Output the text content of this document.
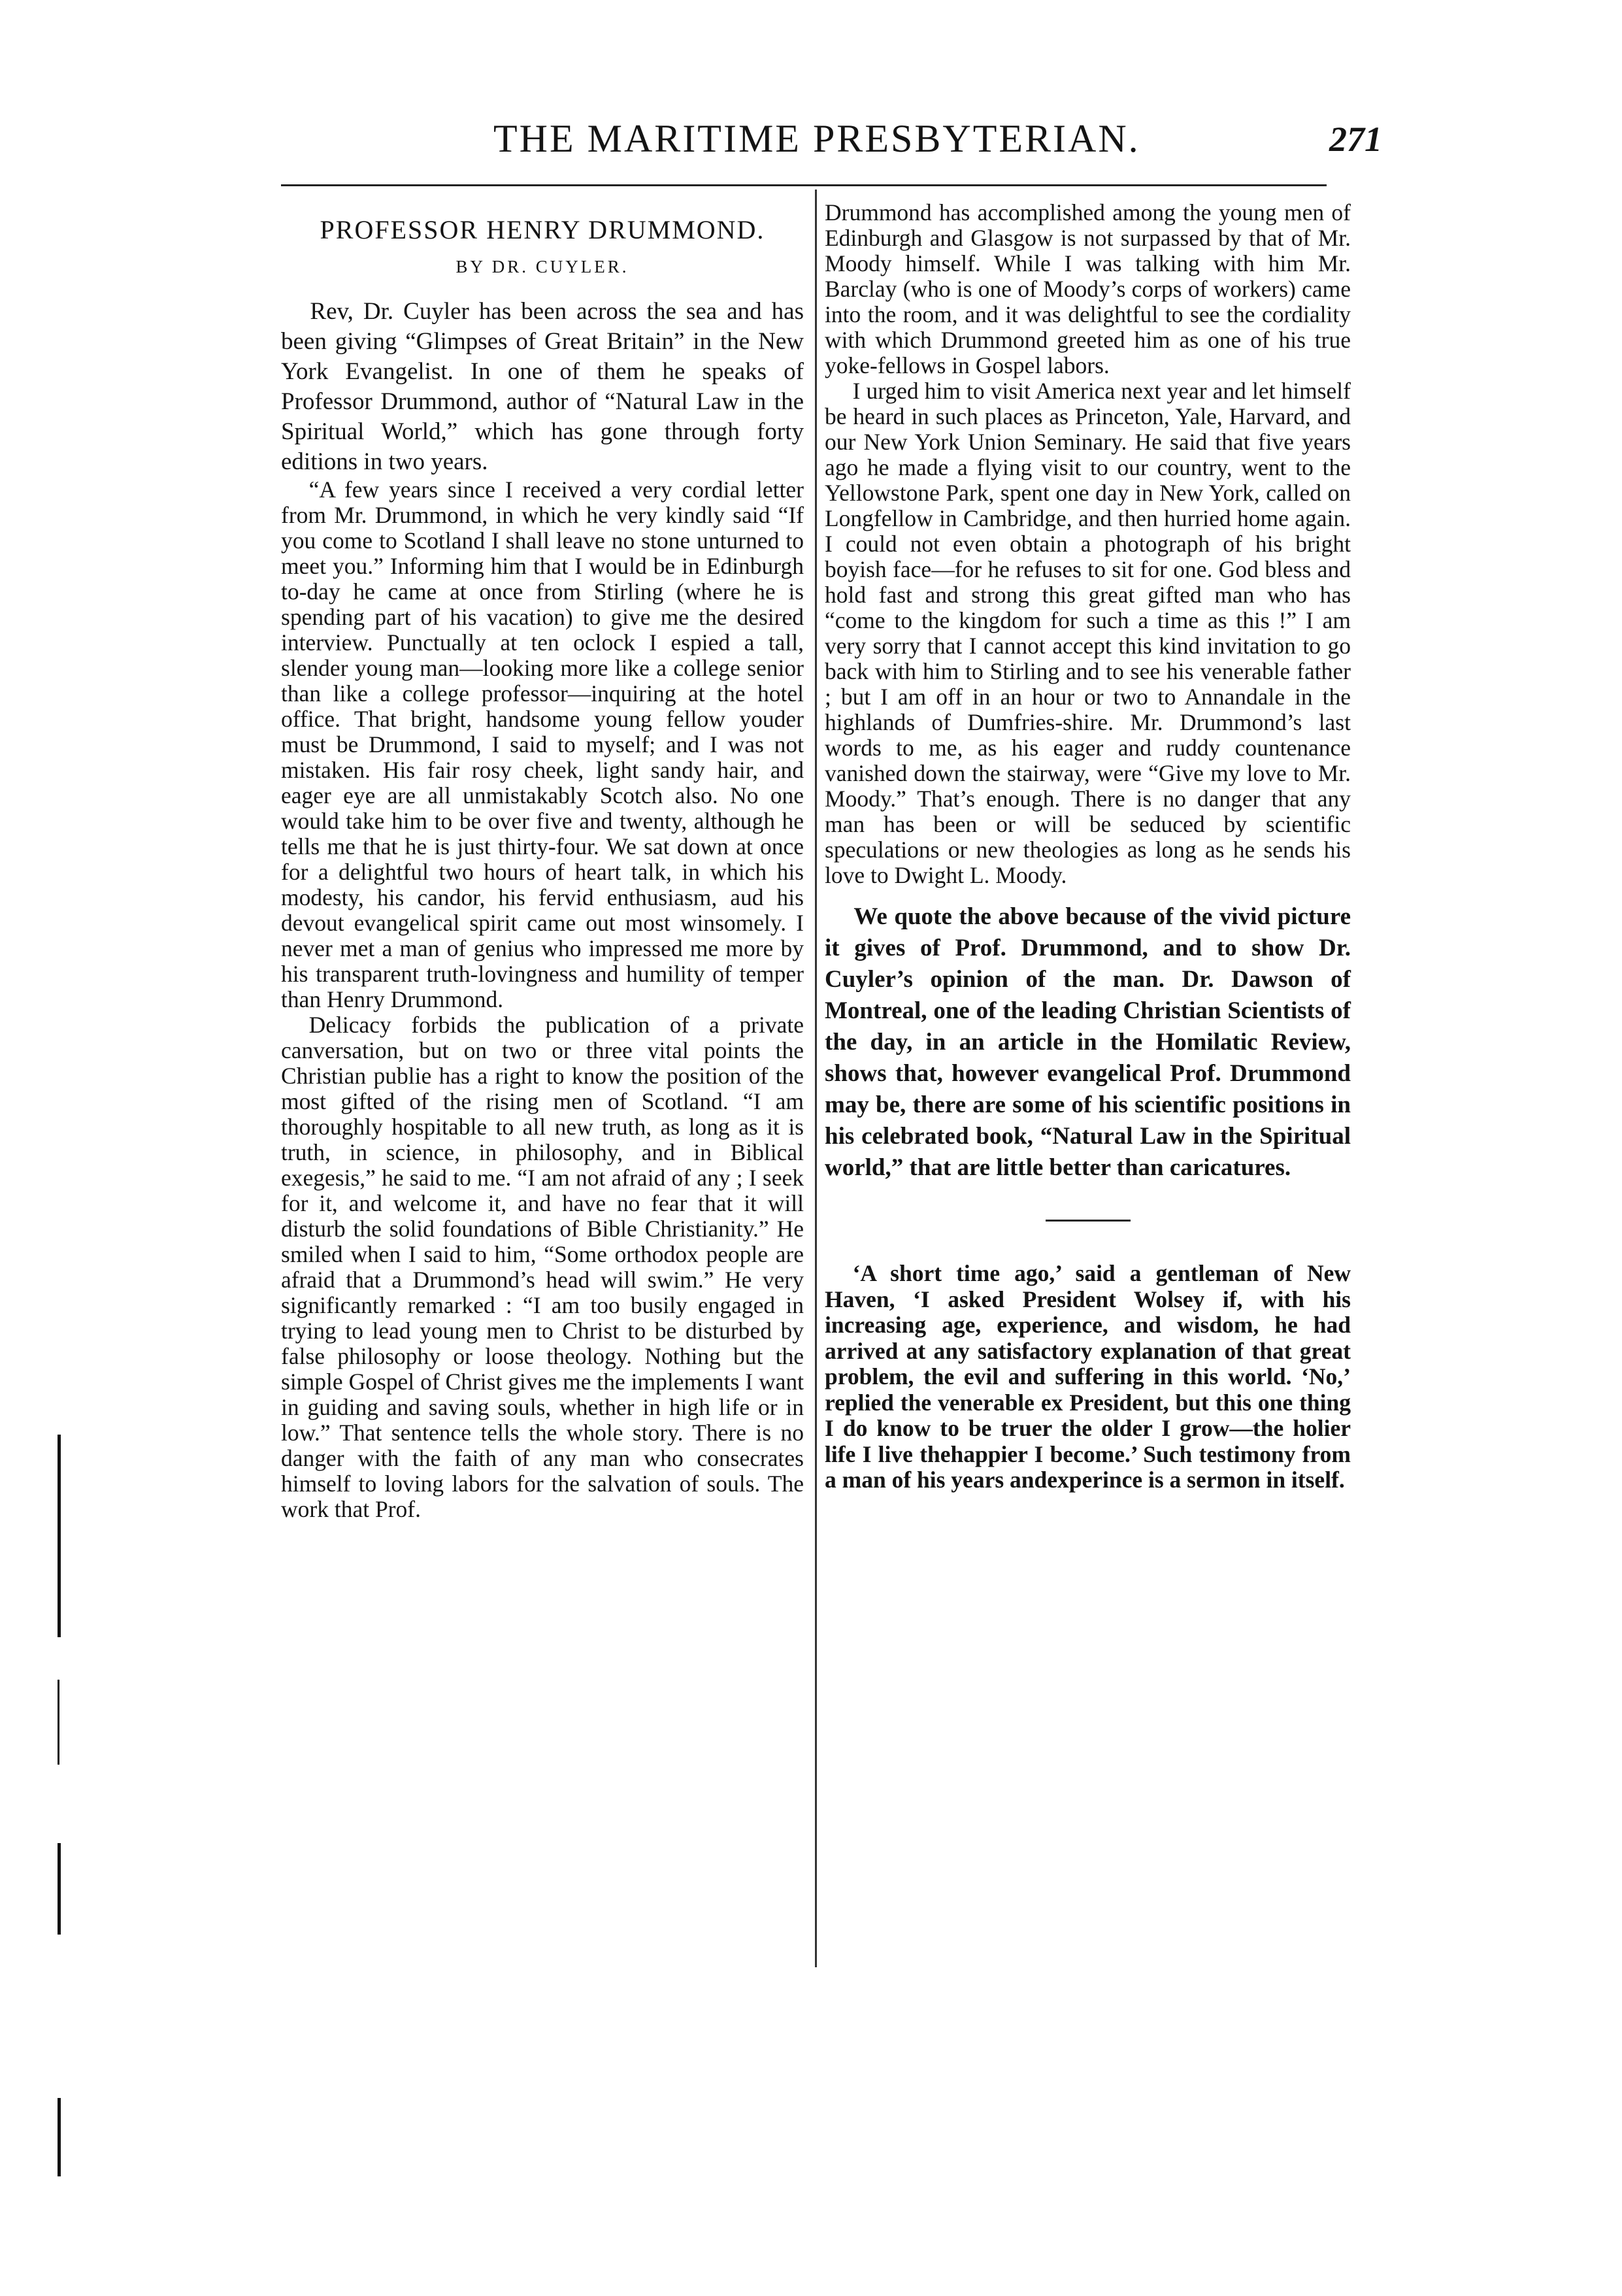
THE MARITIME PRESBYTERIAN.	271
PROFESSOR HENRY DRUMMOND.
BY DR. CUYLER.

Rev, Dr. Cuyler has been across the sea and has been giving “Glimpses of Great Britain” in the New York Evangelist. In one of them he speaks of Professor Drummond, author of “Natural Law in the Spiritual World,” which has gone through forty editions in two years.

“A few years since I received a very cordial letter from Mr. Drummond, in which he very kindly said “If you come to Scotland I shall leave no stone unturned to meet you.” Informing him that I would be in Edinburgh to-day he came at once from Stirling (where he is spending part of his vacation) to give me the desired interview. Punctually at ten oclock I espied a tall, slender young man—looking more like a college senior than like a college professor—inquiring at the hotel office. That bright, handsome young fellow youder must be Drummond, I said to myself; and I was not mistaken. His fair rosy cheek, light sandy hair, and eager eye are all unmistakably Scotch also. No one would take him to be over five and twenty, although he tells me that he is just thirty-four. We sat down at once for a delightful two hours of heart talk, in which his modesty, his candor, his fervid enthusiasm, aud his devout evangelical spirit came out most winsomely. I never met a man of genius who impressed me more by his transparent truth-lovingness and humility of temper than Henry Drummond.

Delicacy forbids the publication of a private canversation, but on two or three vital points the Christian publie has a right to know the position of the most gifted of the rising men of Scotland. “I am thoroughly hospitable to all new truth, as long as it is truth, in science, in philosophy, and in Biblical exegesis,” he said to me. “I am not afraid of any ; I seek for it, and welcome it, and have no fear that it will disturb the solid foundations of Bible Christianity.” He smiled when I said to him, “Some orthodox people are afraid that a Drummond’s head will swim.” He very significantly remarked : “I am too busily engaged in trying to lead young men to Christ to be disturbed by false philosophy or loose theology. Nothing but the simple Gospel of Christ gives me the implements I want in guiding and saving souls, whether in high life or in low.” That sentence tells the whole story. There is no danger with the faith of any man who consecrates himself to loving labors for the salvation of souls. The work that Prof.

Drummond has accomplished among the young men of Edinburgh and Glasgow is not surpassed by that of Mr. Moody himself. While I was talking with him Mr. Barclay (who is one of Moody’s corps of workers) came into the room, and it was delightful to see the cordiality with which Drummond greeted him as one of his true yoke-fellows in Gospel labors.

I urged him to visit America next year and let himself be heard in such places as Princeton, Yale, Harvard, and our New York Union Seminary. He said that five years ago he made a flying visit to our country, went to the Yellowstone Park, spent one day in New York, called on Longfellow in Cambridge, and then hurried home again. I could not even obtain a photograph of his bright boyish face—for he refuses to sit for one. God bless and hold fast and strong this great gifted man who has “come to the kingdom for such a time as this !” I am very sorry that I cannot accept this kind invitation to go back with him to Stirling and to see his venerable father ; but I am off in an hour or two to Annandale in the highlands of Dumfries-shire. Mr. Drummond’s last words to me, as his eager and ruddy countenance vanished down the stairway, were “Give my love to Mr. Moody.” That’s enough. There is no danger that any man has been or will be seduced by scientific speculations or new theologies as long as he sends his love to Dwight L. Moody.

We quote the above because of the vivid picture it gives of Prof. Drummond, and to show Dr. Cuyler’s opinion of the man. Dr. Dawson of Montreal, one of the leading Christian Scientists of the day, in an article in the Homilatic Review, shows that, however evangelical Prof. Drummond may be, there are some of his scientific positions in his celebrated book, “Natural Law in the Spiritual world,” that are little better than caricatures.

‘A short time ago,’ said a gentleman of New Haven, ‘I asked President Wolsey if, with his increasing age, experience, and wisdom, he had arrived at any satisfactory explanation of that great problem, the evil and suffering in this world. ‘No,’ replied the venerable ex President, but this one thing I do know to be truer the older I grow—the holier life I live thehappier I become.’ Such testimony from a man of his years andexperince is a sermon in itself.
